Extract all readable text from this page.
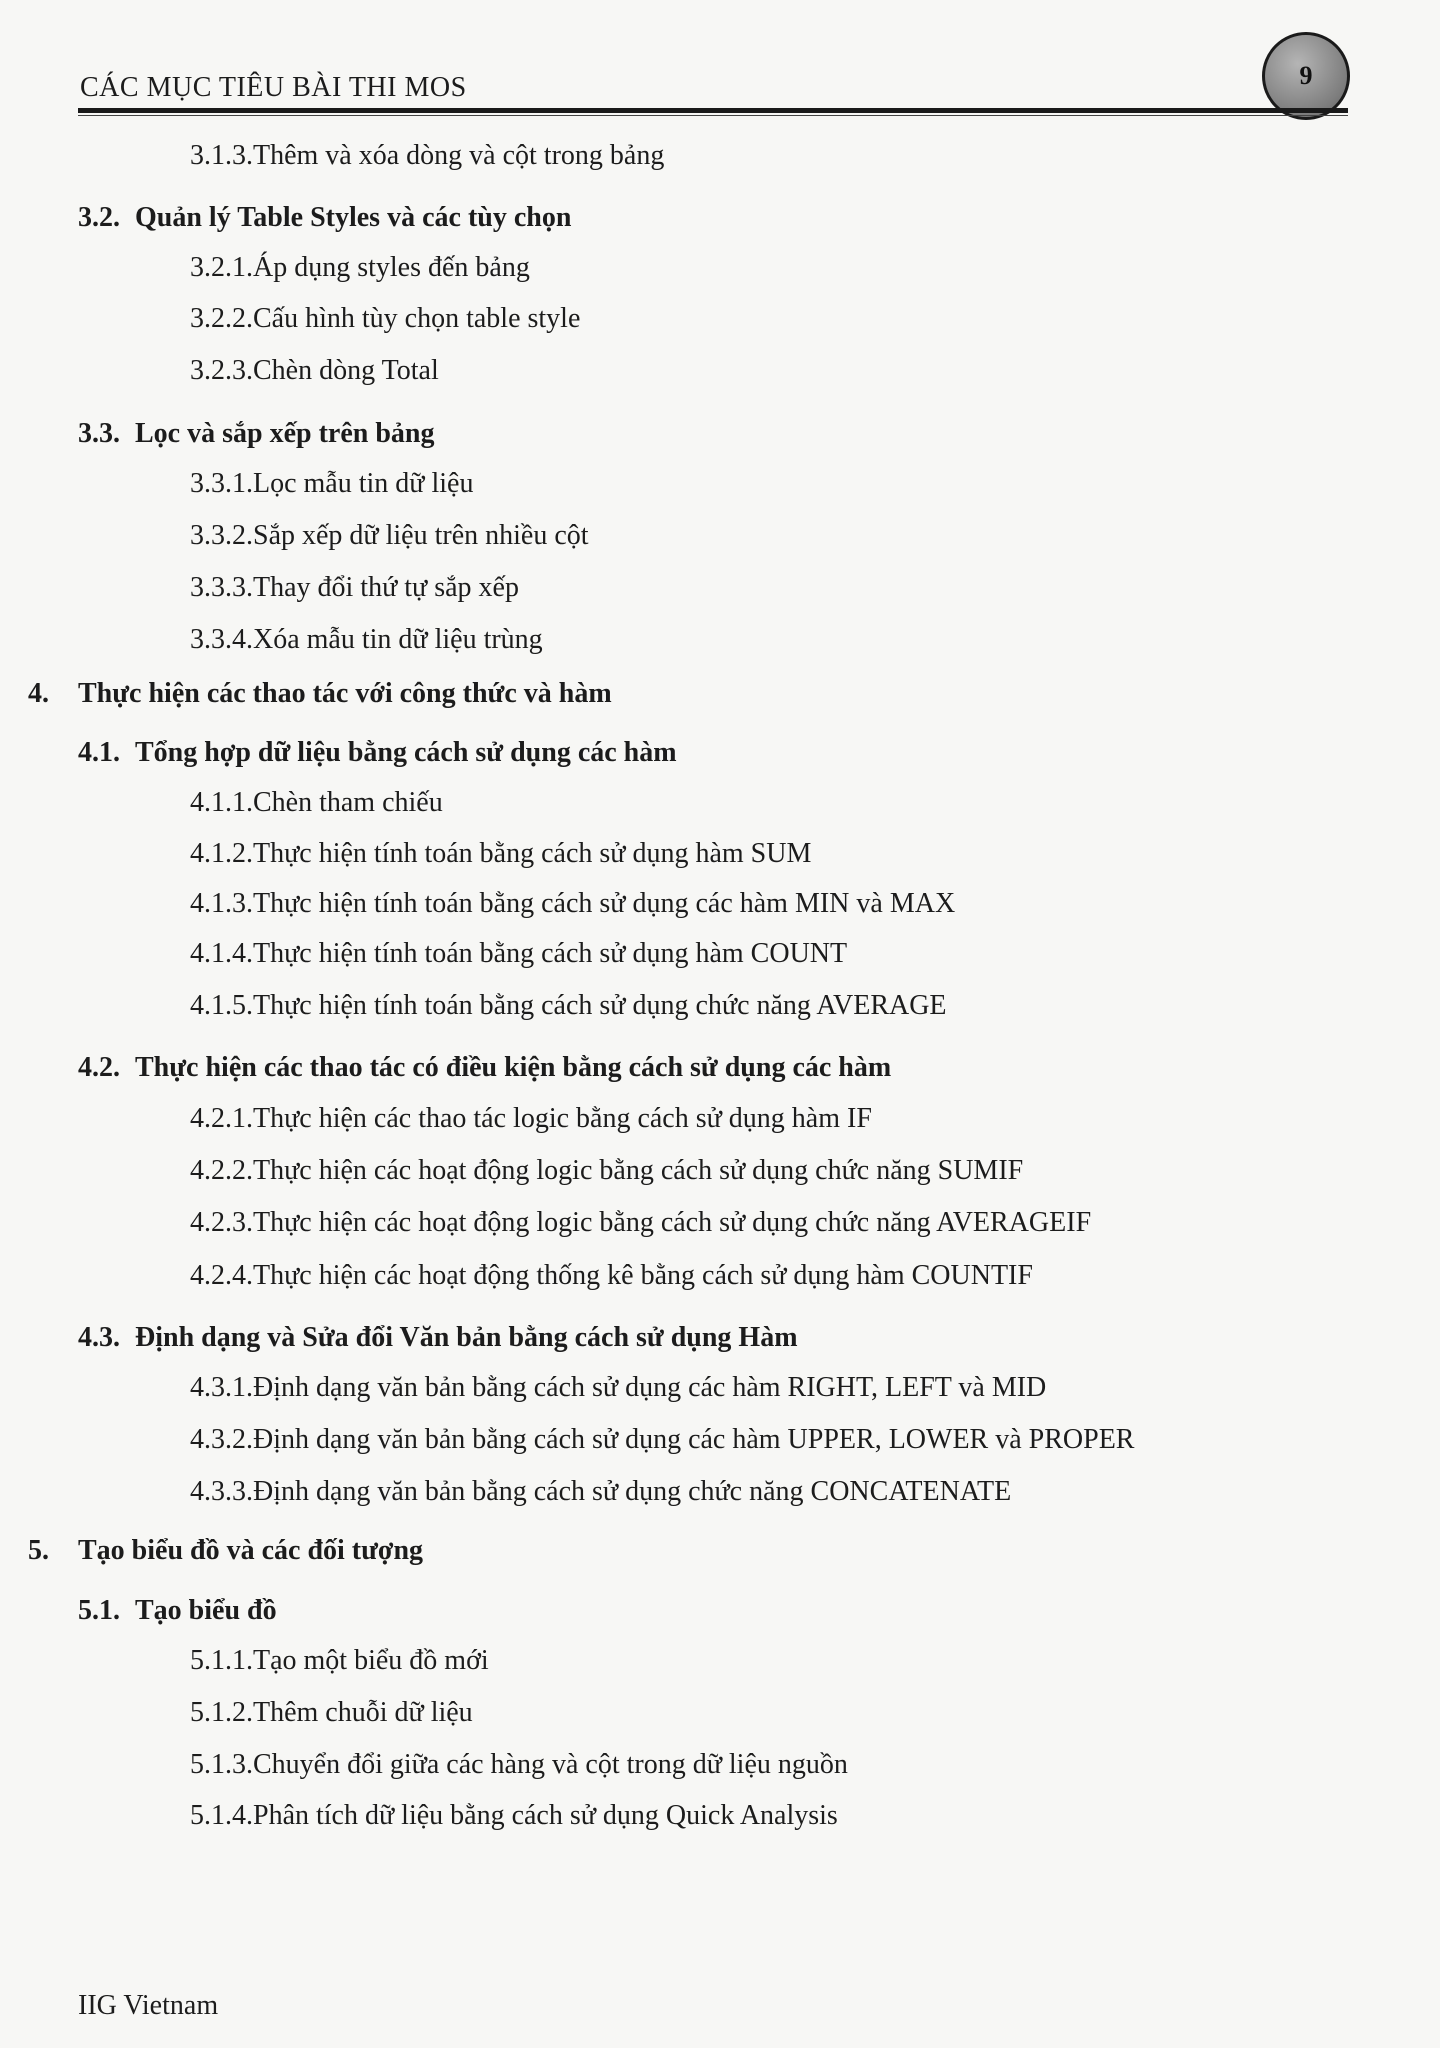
CÁC MỤC TIÊU BÀI THI MOS	9
3.1.3.Thêm và xóa dòng và cột trong bảng
3.2. Quản lý Table Styles và các tùy chọn
3.2.1.Áp dụng styles đến bảng
3.2.2.Cấu hình tùy chọn table style
3.2.3.Chèn dòng Total
3.3. Lọc và sắp xếp trên bảng
3.3.1.Lọc mẫu tin dữ liệu
3.3.2.Sắp xếp dữ liệu trên nhiều cột
3.3.3.Thay đổi thứ tự sắp xếp
3.3.4.Xóa mẫu tin dữ liệu trùng
4. Thực hiện các thao tác với công thức và hàm
4.1. Tổng hợp dữ liệu bằng cách sử dụng các hàm
4.1.1.Chèn tham chiếu
4.1.2.Thực hiện tính toán bằng cách sử dụng hàm SUM
4.1.3.Thực hiện tính toán bằng cách sử dụng các hàm MIN và MAX
4.1.4.Thực hiện tính toán bằng cách sử dụng hàm COUNT
4.1.5.Thực hiện tính toán bằng cách sử dụng chức năng AVERAGE
4.2. Thực hiện các thao tác có điều kiện bằng cách sử dụng các hàm
4.2.1.Thực hiện các thao tác logic bằng cách sử dụng hàm IF
4.2.2.Thực hiện các hoạt động logic bằng cách sử dụng chức năng SUMIF
4.2.3.Thực hiện các hoạt động logic bằng cách sử dụng chức năng AVERAGEIF
4.2.4.Thực hiện các hoạt động thống kê bằng cách sử dụng hàm COUNTIF
4.3. Định dạng và Sửa đổi Văn bản bằng cách sử dụng Hàm
4.3.1.Định dạng văn bản bằng cách sử dụng các hàm RIGHT, LEFT và MID
4.3.2.Định dạng văn bản bằng cách sử dụng các hàm UPPER, LOWER và PROPER
4.3.3.Định dạng văn bản bằng cách sử dụng chức năng CONCATENATE
5. Tạo biểu đồ và các đối tượng
5.1. Tạo biểu đồ
5.1.1.Tạo một biểu đồ mới
5.1.2.Thêm chuỗi dữ liệu
5.1.3.Chuyển đổi giữa các hàng và cột trong dữ liệu nguồn
5.1.4.Phân tích dữ liệu bằng cách sử dụng Quick Analysis
IIG Vietnam
